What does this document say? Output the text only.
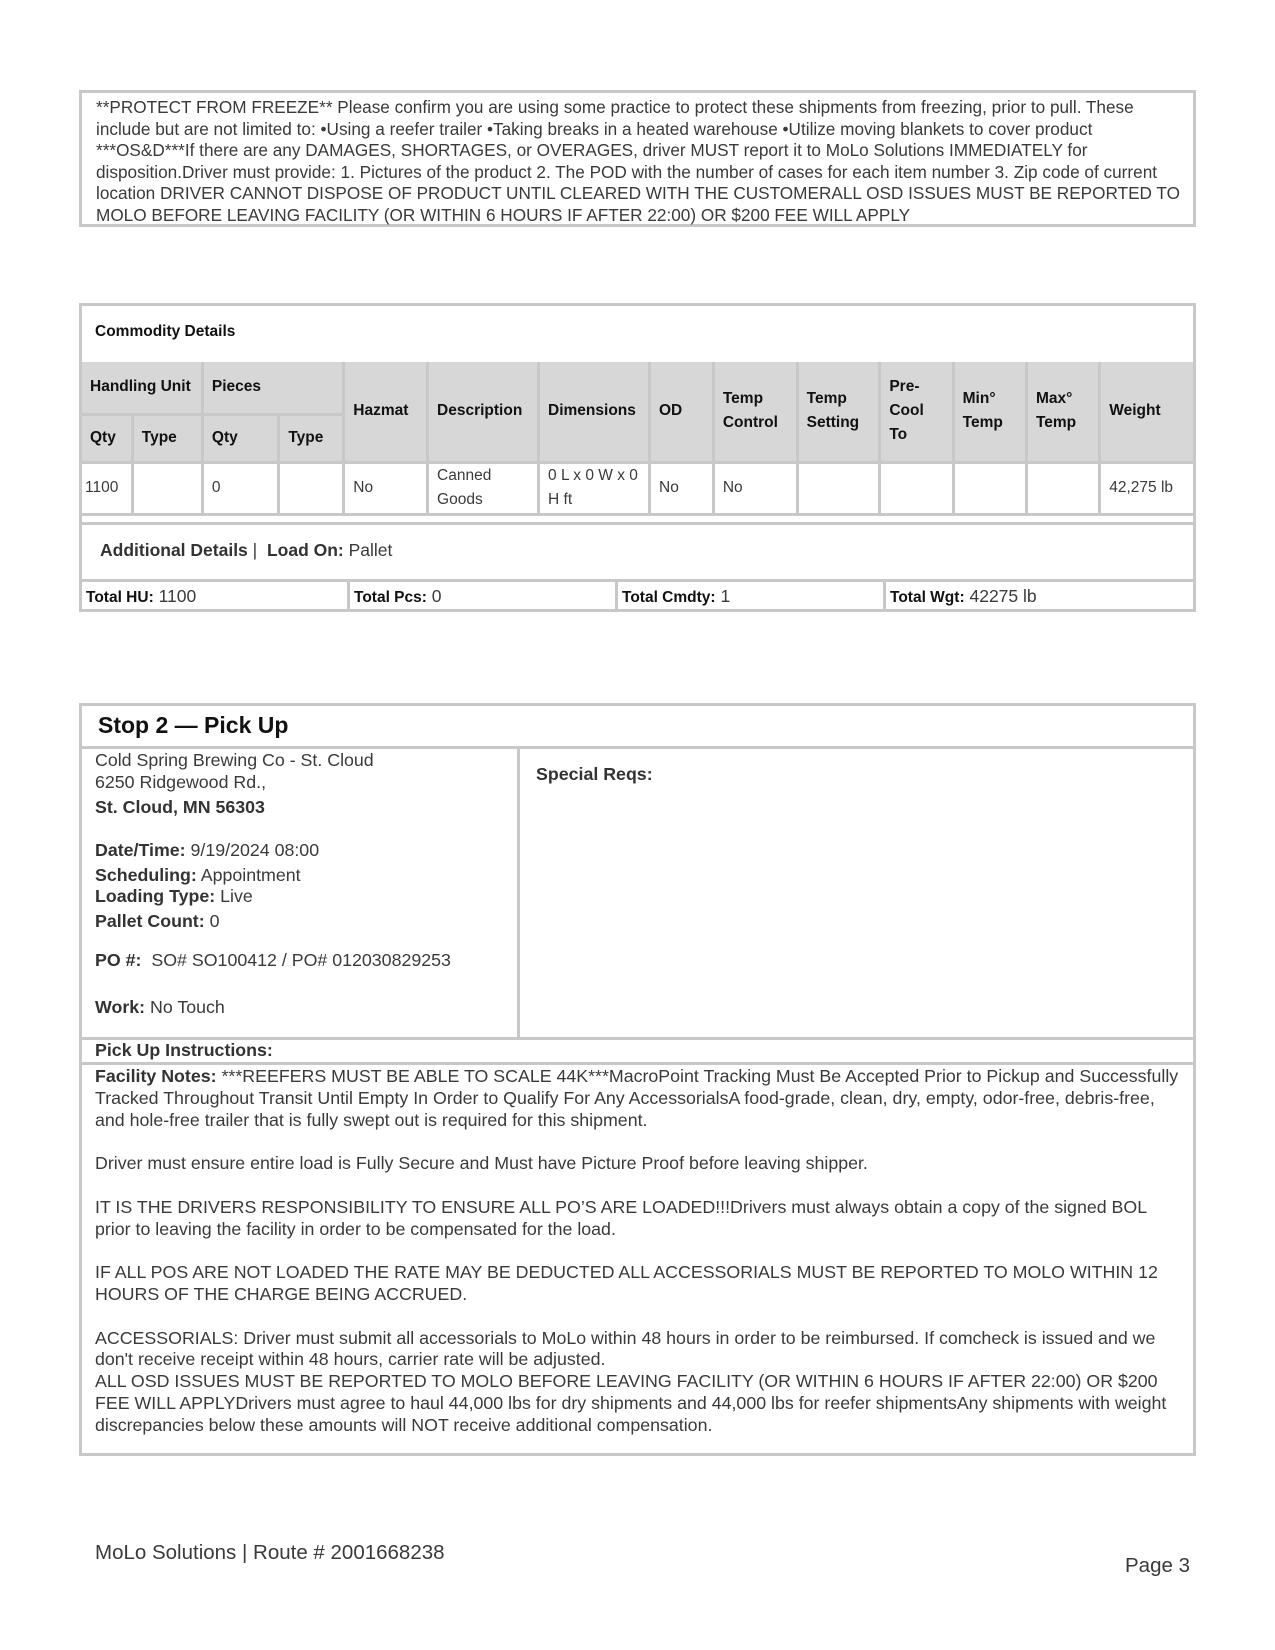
**PROTECT FROM FREEZE** Please confirm you are using some practice to protect these shipments from freezing, prior to pull. These include but are not limited to: •Using a reefer trailer •Taking breaks in a heated warehouse •Utilize moving blankets to cover product ***OS&D***If there are any DAMAGES, SHORTAGES, or OVERAGES, driver MUST report it to MoLo Solutions IMMEDIATELY for disposition.Driver must provide: 1. Pictures of the product 2. The POD with the number of cases for each item number 3. Zip code of current location DRIVER CANNOT DISPOSE OF PRODUCT UNTIL CLEARED WITH THE CUSTOMERALL OSD ISSUES MUST BE REPORTED TO MOLO BEFORE LEAVING FACILITY (OR WITHIN 6 HOURS IF AFTER 22:00) OR $200 FEE WILL APPLY
Commodity Details
Handling Unit		Pieces		Hazmat	Description	Dimensions	OD	Temp Control	Temp Setting	Pre-Cool To	Min° Temp	Max° Temp	Weight
Qty	Type	Qty	Type										
1100		0		No	Canned Goods	0 L x 0 W x 0 H ft	No	No					42,275 lb
Additional Details | Load On: Pallet
Total HU: 1100	Total Pcs: 0	Total Cmdty: 1	Total Wgt: 42275 lb
Stop 2 — Pick Up
Cold Spring Brewing Co - St. Cloud
6250 Ridgewood Rd.,
St. Cloud, MN 56303
Date/Time: 9/19/2024 08:00
Scheduling: Appointment
Loading Type: Live
Pallet Count: 0
PO #: SO# SO100412 / PO# 012030829253
Work: No Touch
Special Reqs:
Pick Up Instructions:

Facility Notes: ***REEFERS MUST BE ABLE TO SCALE 44K***MacroPoint Tracking Must Be Accepted Prior to Pickup and Successfully Tracked Throughout Transit Until Empty In Order to Qualify For Any AccessorialsA food-grade, clean, dry, empty, odor-free, debris-free, and hole-free trailer that is fully swept out is required for this shipment.

Driver must ensure entire load is Fully Secure and Must have Picture Proof before leaving shipper.

IT IS THE DRIVERS RESPONSIBILITY TO ENSURE ALL PO’S ARE LOADED!!!Drivers must always obtain a copy of the signed BOL prior to leaving the facility in order to be compensated for the load.

IF ALL POS ARE NOT LOADED THE RATE MAY BE DEDUCTED ALL ACCESSORIALS MUST BE REPORTED TO MOLO WITHIN 12 HOURS OF THE CHARGE BEING ACCRUED.

ACCESSORIALS: Driver must submit all accessorials to MoLo within 48 hours in order to be reimbursed. If comcheck is issued and we don't receive receipt within 48 hours, carrier rate will be adjusted.

ALL OSD ISSUES MUST BE REPORTED TO MOLO BEFORE LEAVING FACILITY (OR WITHIN 6 HOURS IF AFTER 22:00) OR $200 FEE WILL APPLYDrivers must agree to haul 44,000 lbs for dry shipments and 44,000 lbs for reefer shipmentsAny shipments with weight discrepancies below these amounts will NOT receive additional compensation.

MoLo Solutions | Route # 2001668238
Page 3
